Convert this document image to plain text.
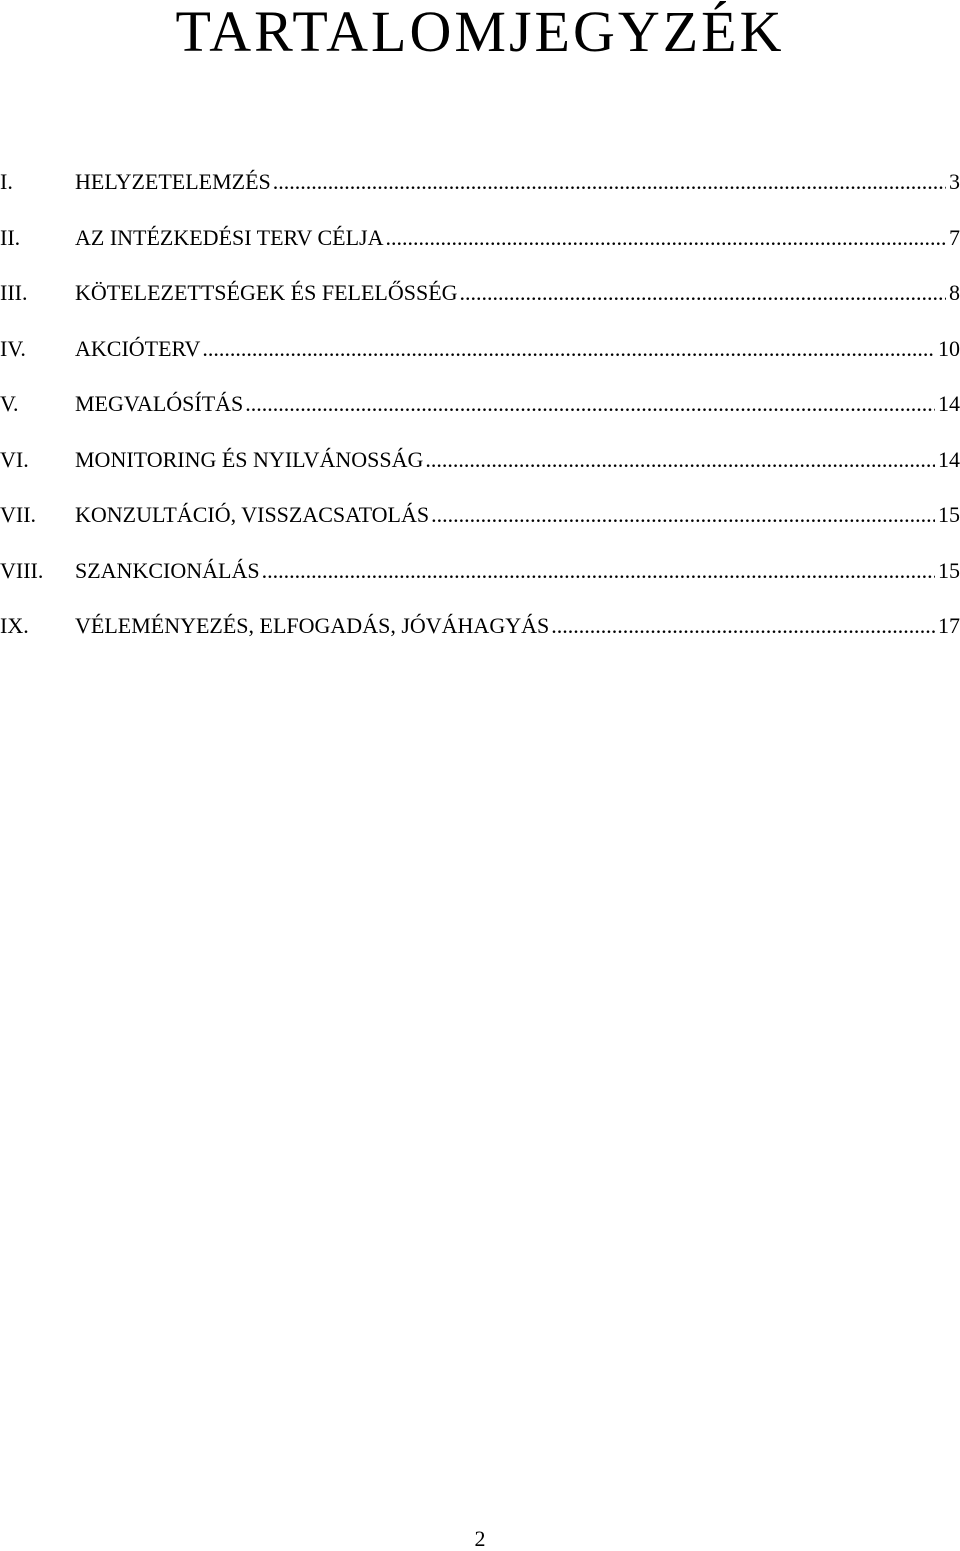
TARTALOMJEGYZÉK
I.	HELYZETELEMZÉS .....	3
II.	AZ INTÉZKEDÉSI TERV CÉLJA .....	7
III.	KÖTELEZETTSÉGEK ÉS FELELŐSSÉG .....	8
IV.	AKCIÓTERV .....	10
V.	MEGVALÓSÍTÁS .....	14
VI.	MONITORING ÉS NYILVÁNOSSÁG .....	14
VII.	KONZULTÁCIÓ, VISSZACSATOLÁS .....	15
VIII.	SZANKCIONÁLÁS .....	15
IX.	VÉLEMÉNYEZÉS, ELFOGADÁS, JÓVÁHAGYÁS .....	17
2
